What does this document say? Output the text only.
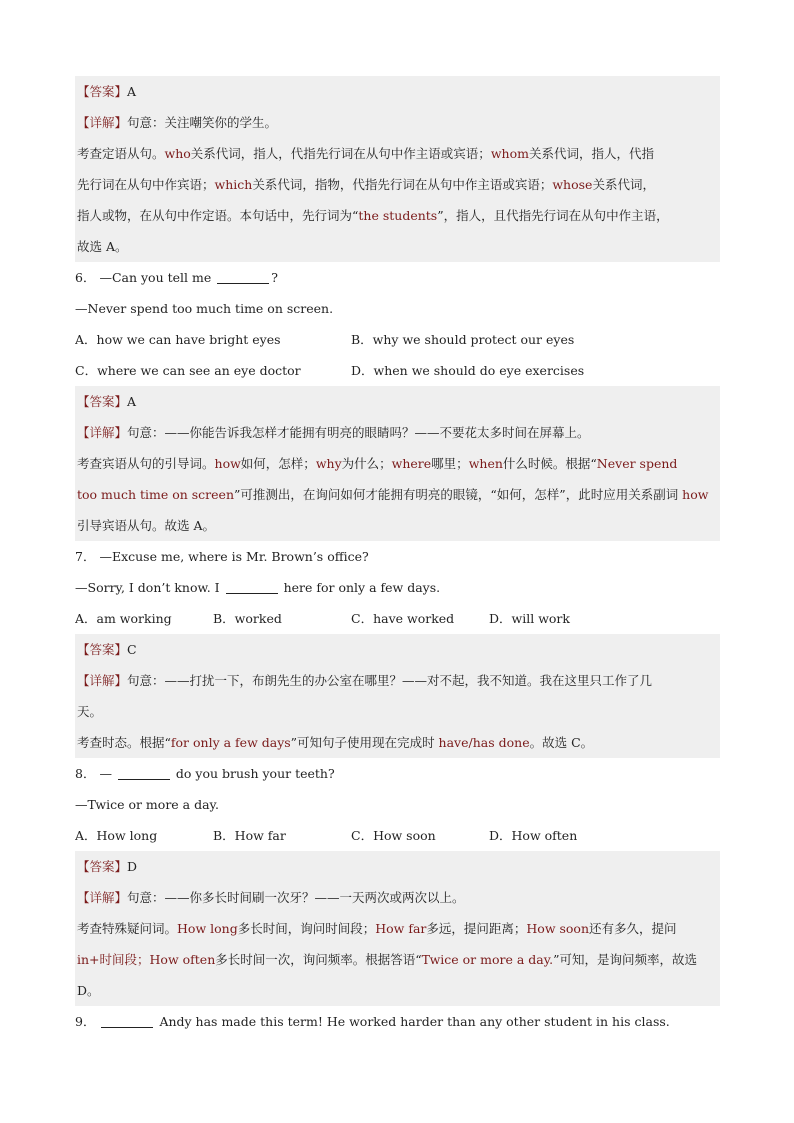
【答案】A
【详解】句意：关注嘲笑你的学生。
考查定语从句。who关系代词，指人，代指先行词在从句中作主语或宾语；whom关系代词，指人，代指
先行词在从句中作宾语；which关系代词，指物，代指先行词在从句中作主语或宾语；whose关系代词，
指人或物，在从句中作定语。本句话中，先行词为“the students”，指人，且代指先行词在从句中作主语，
故选 A。
6． —Can you tell me	?
—Never spend too much time on screen.
A．how we can have bright eyes	B．why we should protect our eyes
C．where we can see an eye doctor	D．when we should do eye exercises
【答案】A
【详解】句意：——你能告诉我怎样才能拥有明亮的眼睛吗？——不要花太多时间在屏幕上。
考查宾语从句的引导词。how如何，怎样；why为什么；where哪里；when什么时候。根据“Never spend
too much time on screen”可推测出，在询问如何才能拥有明亮的眼镜，“如何，怎样”，此时应用关系副词 how
引导宾语从句。故选 A。
7． —Excuse me, where is Mr. Brown’s office?
—Sorry, I don’t know. I	here for only a few days.
A．am working	B．worked	C．have worked	D．will work
【答案】C
【详解】句意：——打扰一下，布朗先生的办公室在哪里？——对不起，我不知道。我在这里只工作了几
天。
考查时态。根据“for only a few days”可知句子使用现在完成时 have/has done。故选 C。
8． —	do you brush your teeth?
—Twice or more a day.
A．How long	B．How far	C．How soon	D．How often
【答案】D
【详解】句意：——你多长时间刷一次牙？——一天两次或两次以上。
考查特殊疑问词。How long多长时间，询问时间段；How far多远，提问距离；How soon还有多久，提问
in+时间段；How often多长时间一次，询问频率。根据答语“Twice or more a day.”可知，是询问频率，故选
D。
9．	Andy has made this term! He worked harder than any other student in his class.
